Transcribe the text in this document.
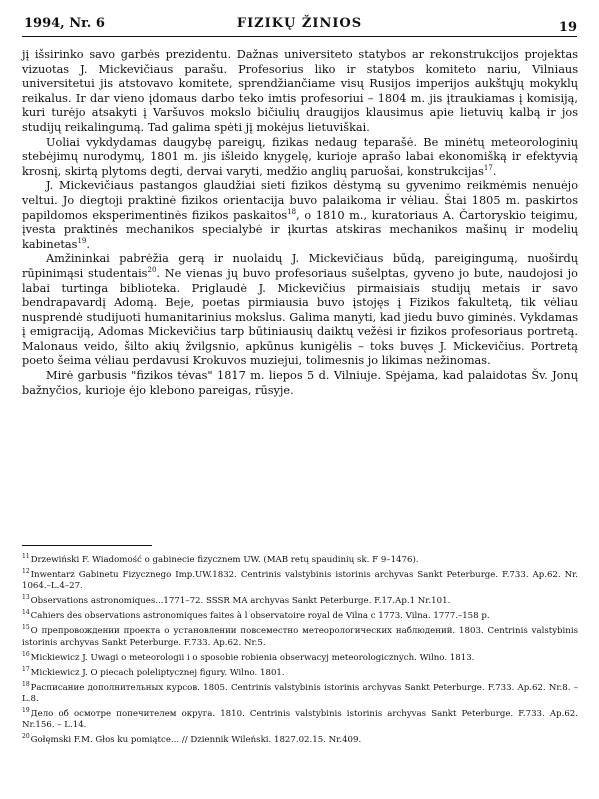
1994, Nr. 6	FIZIKŲ ŽINIOS	19

jį išsirinko savo garbės prezidentu. Dažnas universiteto statybos ar rekonstrukcijos projektas vizuotas J. Mickevičiaus parašu. Profesorius liko ir statybos komiteto nariu, Vilniaus universitetui jis atstovavo komitete, sprendžiančiame visų Rusijos imperijos aukštųjų mokyklų reikalus. Ir dar vieno įdomaus darbo teko imtis profesoriui – 1804 m. jis įtraukiamas į komisiją, kuri turėjo atsakyti į Varšuvos mokslo bičiulių draugijos klausimus apie lietuvių kalbą ir jos studijų reikalingumą. Tad galima spėti jį mokėjus lietuviškai.

Uoliai vykdydamas daugybę pareigų, fizikas nedaug teparašė. Be minėtų meteorologinių stebėjimų nurodymų, 1801 m. jis išleido knygelę, kurioje aprašo labai ekonomišką ir efektyvią krosnį, skirtą plytoms degti, dervai varyti, medžio anglių paruošai, konstrukcijas$^{17}$.

J. Mickevičiaus pastangos glaudžiai sieti fizikos dėstymą su gyvenimo reikmėmis nenuėjo veltui. Jo diegtoji praktinė fizikos orientacija buvo palaikoma ir vėliau. Štai 1805 m. paskirtos papildomos eksperimentinės fizikos paskaitos$^{18}$, o 1810 m., kuratoriaus A. Čartoryskio teigimu, įvesta praktinės mechanikos specialybė ir įkurtas atskiras mechanikos mašinų ir modelių kabinetas$^{19}$.

Amžininkai pabrėžia gerą ir nuolaidų J. Mickevičiaus būdą, pareigingumą, nuoširdų rūpinimąsi studentais$^{20}$. Ne vienas jų buvo profesoriaus sušelptas, gyveno jo bute, naudojosi jo labai turtinga biblioteka. Priglaudė J. Mickevičius pirmaisiais studijų metais ir savo bendrapavardį Adomą. Beje, poetas pirmiausia buvo įstojęs į Fizikos fakultetą, tik vėliau nusprendė studijuoti humanitarinius mokslus. Galima manyti, kad jiedu buvo giminės. Vykdamas į emigraciją, Adomas Mickevičius tarp būtiniausių daiktų vežėsi ir fizikos profesoriaus portretą. Malonaus veido, šilto akių žvilgsnio, apkūnus kunigėlis – toks buvęs J. Mickevičius. Portretą poeto šeima vėliau perdavusi Krokuvos muziejui, tolimesnis jo likimas nežinomas.

Mirė garbusis "fizikos tėvas" 1817 m. liepos 5 d. Vilniuje. Spėjama, kad palaidotas Šv. Jonų bažnyčios, kurioje ėjo klebono pareigas, rūsyje.

$^{11}$Drzewiński F. Wiadomość o gabinecie fizycznem UW. (MAB retų spaudinių sk. F 9–1476).
$^{12}$Inwentarz Gabinetu Fizycznego Imp.UW.1832. Centrinis valstybinis istorinis archyvas Sankt Peterburge. F.733. Ap.62. Nr. 1064.–L.4–27.
$^{13}$Observations astronomiques...1771–72. SSSR MA archyvas Sankt Peterburge. F.17.Ap.1 Nr.101.
$^{14}$Cahiers des observations astronomiques faites à l observatoire royal de Vilna c 1773. Vilna. 1777.–158 p.
$^{15}$О препровождении проекта о установлении повсеместно метеорологических наблюдений. 1803. Centrinis valstybinis istorinis archyvas Sankt Peterburge. F.733. Ap.62. Nr.5.
$^{16}$Mickiewicz J. Uwagi o meteorologii i o sposobie robienia obserwacyj meteorologicznych. Wilno. 1813.
$^{17}$Mickiewicz J. O piecach poleliptycznej figury. Wilno. 1801.
$^{18}$Расписание дополнительных курсов. 1805. Centrinis valstybinis istorinis archyvas Sankt Peterburge. F.733. Ap.62. Nr.8. – L.8.
$^{19}$Дело об осмотре попечителем округа. 1810. Centrinis valstybinis istorinis archyvas Sankt Peterburge. F.733. Ap.62. Nr.156. – L.14.
$^{20}$Gołęmski F.M. Głos ku pomiątce... // Dziennik Wileński. 1827.02.15. Nr.409.
